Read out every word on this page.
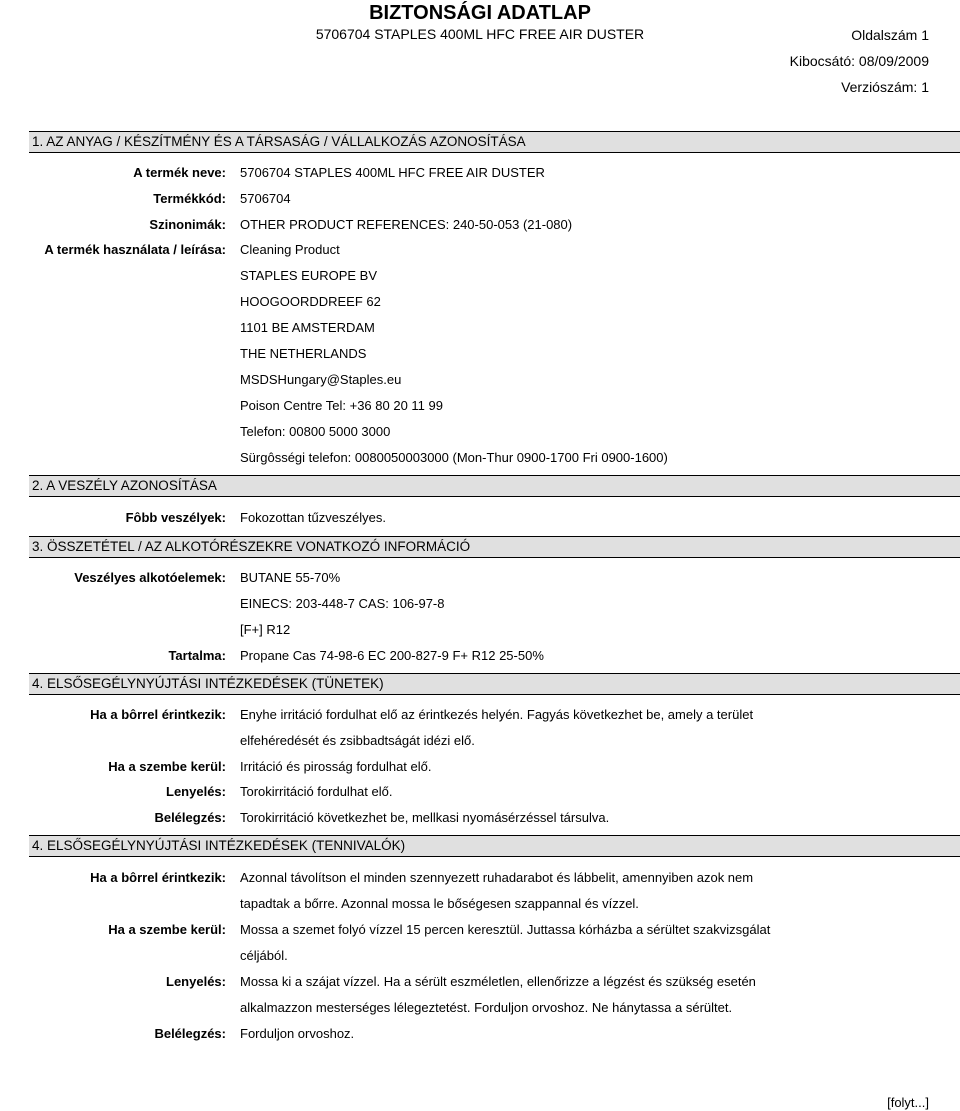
BIZTONSÁGI ADATLAP
5706704 STAPLES 400ML HFC FREE AIR DUSTER	Oldalszám 1
Kibocsátó: 08/09/2009
Verziószám: 1
1. AZ ANYAG / KÉSZÍTMÉNY ÉS A TÁRSASÁG / VÁLLALKOZÁS AZONOSÍTÁSA
A termék neve: 5706704 STAPLES 400ML HFC FREE AIR DUSTER
Termékkód: 5706704
Szinonimák: OTHER PRODUCT REFERENCES: 240-50-053 (21-080)
A termék használata / leírása: Cleaning Product
STAPLES EUROPE BV
HOOGOORDDREEF 62
1101 BE AMSTERDAM
THE NETHERLANDS
MSDSHungary@Staples.eu
Poison Centre Tel: +36 80 20 11 99
Telefon: 00800 5000 3000
Sürgôsségi telefon: 0080050003000 (Mon-Thur 0900-1700 Fri 0900-1600)
2. A VESZÉLY AZONOSÍTÁSA
Fôbb veszélyek: Fokozottan tűzveszélyes.
3. ÖSSZETÉTEL / AZ ALKOTÓRÉSZEKRE VONATKOZÓ INFORMÁCIÓ
Veszélyes alkotóelemek: BUTANE 55-70%
EINECS: 203-448-7 CAS: 106-97-8
[F+] R12
Tartalma: Propane Cas 74-98-6 EC 200-827-9 F+ R12 25-50%
4. ELSŐSEGÉLYNYÚJTÁSI INTÉZKEDÉSEK (TÜNETEK)
Ha a bôrrel érintkezik: Enyhe irritáció fordulhat elő az érintkezés helyén. Fagyás következhet be, amely a terület
elfehéredését és zsibbadtságát idézi elő.
Ha a szembe kerül: Irritáció és pirosság fordulhat elő.
Lenyelés: Torokirritáció fordulhat elő.
Belélegzés: Torokirritáció következhet be, mellkasi nyomásérzéssel társulva.
4. ELSŐSEGÉLYNYÚJTÁSI INTÉZKEDÉSEK (TENNIVALÓK)
Ha a bôrrel érintkezik: Azonnal távolítson el minden szennyezett ruhadarabot és lábbelit, amennyiben azok nem
tapadtak a bőrre. Azonnal mossa le bőségesen szappannal és vízzel.
Ha a szembe kerül: Mossa a szemet folyó vízzel 15 percen keresztül. Juttassa kórházba a sérültet szakvizsgálat
céljából.
Lenyelés: Mossa ki a szájat vízzel. Ha a sérült eszméletlen, ellenőrizze a légzést és szükség esetén
alkalmazzon mesterséges lélegeztetést. Forduljon orvoshoz. Ne hánytassa a sérültet.
Belélegzés: Forduljon orvoshoz.
[folyt...]
